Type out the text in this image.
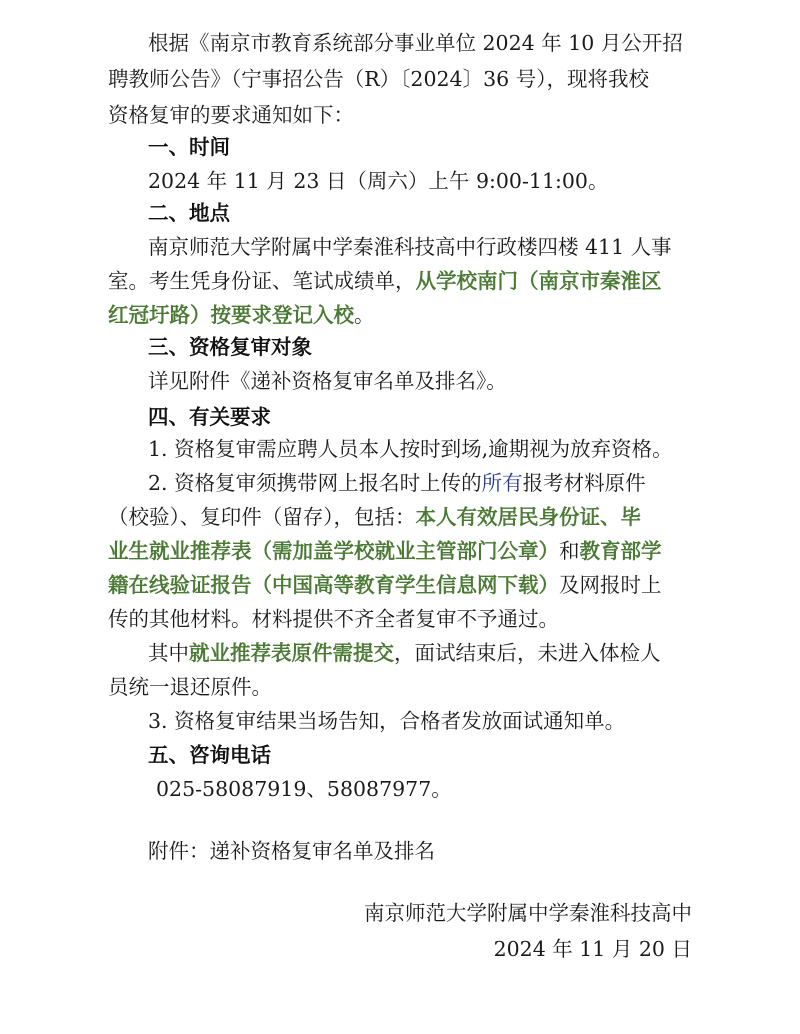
根据《南京市教育系统部分事业单位 2024 年 10 月公开招
聘教师公告》（宁事招公告（R）〔2024〕36 号），现将我校
资格复审的要求通知如下：
一、时间
2024 年 11 月 23 日（周六）上午 9:00-11:00。
二、地点
南京师范大学附属中学秦淮科技高中行政楼四楼 411 人事
室。考生凭身份证、笔试成绩单，从学校南门（南京市秦淮区
红冠圩路）按要求登记入校。
三、资格复审对象
详见附件《递补资格复审名单及排名》。
四、有关要求
1. 资格复审需应聘人员本人按时到场,逾期视为放弃资格。
2. 资格复审须携带网上报名时上传的所有报考材料原件
（校验）、复印件（留存），包括：本人有效居民身份证、毕
业生就业推荐表（需加盖学校就业主管部门公章）和教育部学
籍在线验证报告（中国高等教育学生信息网下载）及网报时上
传的其他材料。材料提供不齐全者复审不予通过。
其中就业推荐表原件需提交，面试结束后，未进入体检人
员统一退还原件。
3. 资格复审结果当场告知，合格者发放面试通知单。
五、咨询电话
025-58087919、58087977。
附件：递补资格复审名单及排名
南京师范大学附属中学秦淮科技高中
2024 年 11 月 20 日
